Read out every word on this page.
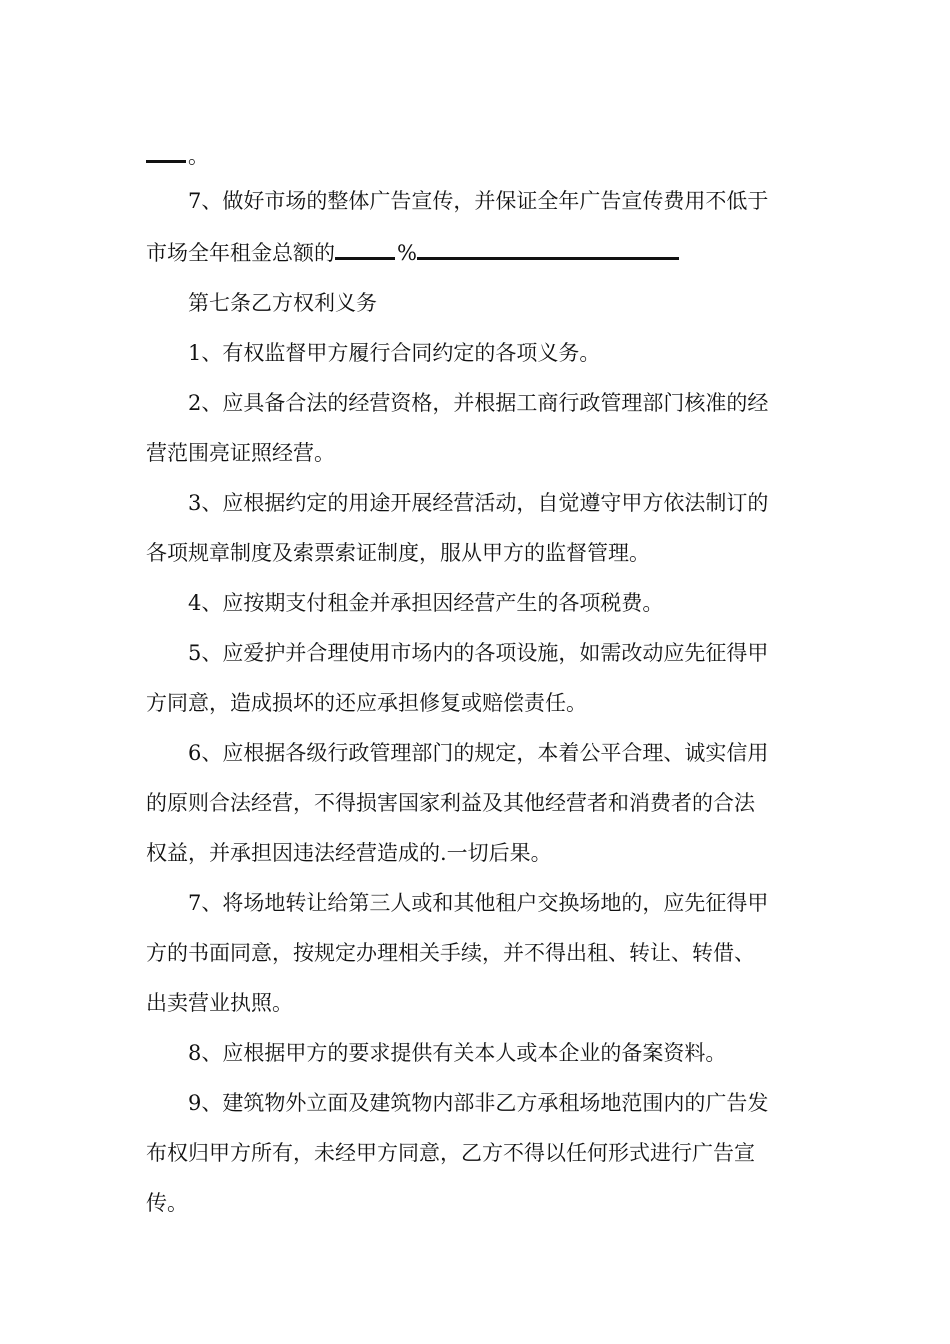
。
7、做好市场的整体广告宣传，并保证全年广告宣传费用不低于
市场全年租金总额的	%
第七条乙方权利义务
1、有权监督甲方履行合同约定的各项义务。
2、应具备合法的经营资格，并根据工商行政管理部门核准的经
营范围亮证照经营。
3、应根据约定的用途开展经营活动，自觉遵守甲方依法制订的
各项规章制度及索票索证制度，服从甲方的监督管理。
4、应按期支付租金并承担因经营产生的各项税费。
5、应爱护并合理使用市场内的各项设施，如需改动应先征得甲
方同意，造成损坏的还应承担修复或赔偿责任。
6、应根据各级行政管理部门的规定，本着公平合理、诚实信用
的原则合法经营，不得损害国家利益及其他经营者和消费者的合法
权益，并承担因违法经营造成的.一切后果。
7、将场地转让给第三人或和其他租户交换场地的，应先征得甲
方的书面同意，按规定办理相关手续，并不得出租、转让、转借、
出卖营业执照。
8、应根据甲方的要求提供有关本人或本企业的备案资料。
9、建筑物外立面及建筑物内部非乙方承租场地范围内的广告发
布权归甲方所有，未经甲方同意，乙方不得以任何形式进行广告宣
传。
